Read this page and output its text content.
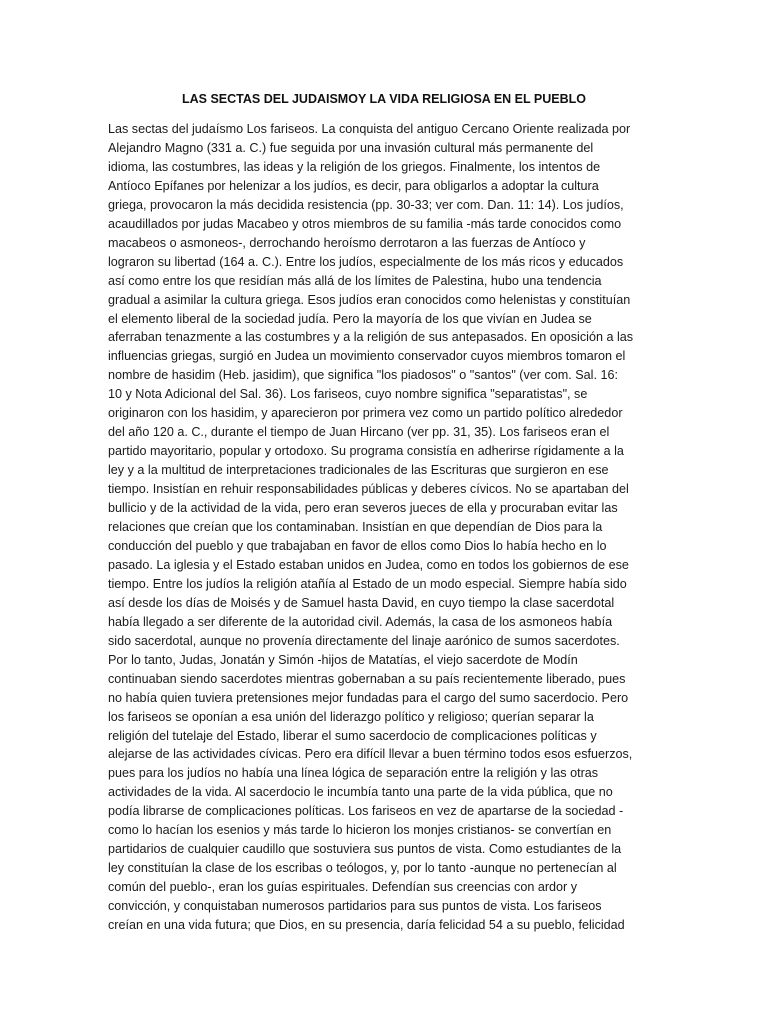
LAS SECTAS DEL JUDAISMOY LA VIDA RELIGIOSA EN EL PUEBLO
Las sectas del judaísmo Los fariseos. La conquista del antiguo Cercano Oriente realizada por
Alejandro Magno (331 a. C.) fue seguida por una invasión cultural más permanente del
idioma, las costumbres, las ideas y la religión de los griegos. Finalmente, los intentos de
Antíoco Epífanes por helenizar a los judíos, es decir, para obligarlos a adoptar la cultura
griega, provocaron la más decidida resistencia (pp. 30-33; ver com. Dan. 11: 14). Los judíos,
acaudillados por judas Macabeo y otros miembros de su familia -más tarde conocidos como
macabeos o asmoneos-, derrochando heroísmo derrotaron a las fuerzas de Antíoco y
lograron su libertad (164 a. C.). Entre los judíos, especialmente de los más ricos y educados
así como entre los que residían más allá de los límites de Palestina, hubo una tendencia
gradual a asimilar la cultura griega. Esos judíos eran conocidos como helenistas y constituían
el elemento liberal de la sociedad judía. Pero la mayoría de los que vivían en Judea se
aferraban tenazmente a las costumbres y a la religión de sus antepasados. En oposición a las
influencias griegas, surgió en Judea un movimiento conservador cuyos miembros tomaron el
nombre de hasidim (Heb. jasidim), que significa "los piadosos" o "santos" (ver com. Sal. 16:
10 y Nota Adicional del Sal. 36). Los fariseos, cuyo nombre significa "separatistas", se
originaron con los hasidim, y aparecieron por primera vez como un partido político alrededor
del año 120 a. C., durante el tiempo de Juan Hircano (ver pp. 31, 35). Los fariseos eran el
partido mayoritario, popular y ortodoxo. Su programa consistía en adherirse rígidamente a la
ley y a la multitud de interpretaciones tradicionales de las Escrituras que surgieron en ese
tiempo. Insistían en rehuir responsabilidades públicas y deberes cívicos. No se apartaban del
bullicio y de la actividad de la vida, pero eran severos jueces de ella y procuraban evitar las
relaciones que creían que los contaminaban. Insistían en que dependían de Dios para la
conducción del pueblo y que trabajaban en favor de ellos como Dios lo había hecho en lo
pasado. La iglesia y el Estado estaban unidos en Judea, como en todos los gobiernos de ese
tiempo. Entre los judíos la religión atañía al Estado de un modo especial. Siempre había sido
así desde los días de Moisés y de Samuel hasta David, en cuyo tiempo la clase sacerdotal
había llegado a ser diferente de la autoridad civil. Además, la casa de los asmoneos había
sido sacerdotal, aunque no provenía directamente del linaje aarónico de sumos sacerdotes.
Por lo tanto, Judas, Jonatán y Simón -hijos de Matatías, el viejo sacerdote de Modín
continuaban siendo sacerdotes mientras gobernaban a su país recientemente liberado, pues
no había quien tuviera pretensiones mejor fundadas para el cargo del sumo sacerdocio. Pero
los fariseos se oponían a esa unión del liderazgo político y religioso; querían separar la
religión del tutelaje del Estado, liberar el sumo sacerdocio de complicaciones políticas y
alejarse de las actividades cívicas. Pero era difícil llevar a buen término todos esos esfuerzos,
pues para los judíos no había una línea lógica de separación entre la religión y las otras
actividades de la vida. Al sacerdocio le incumbía tanto una parte de la vida pública, que no
podía librarse de complicaciones políticas. Los fariseos en vez de apartarse de la sociedad -
como lo hacían los esenios y más tarde lo hicieron los monjes cristianos- se convertían en
partidarios de cualquier caudillo que sostuviera sus puntos de vista. Como estudiantes de la
ley constituían la clase de los escribas o teólogos, y, por lo tanto -aunque no pertenecían al
común del pueblo-, eran los guías espirituales. Defendían sus creencias con ardor y
convicción, y conquistaban numerosos partidarios para sus puntos de vista. Los fariseos
creían en una vida futura; que Dios, en su presencia, daría felicidad 54 a su pueblo, felicidad
